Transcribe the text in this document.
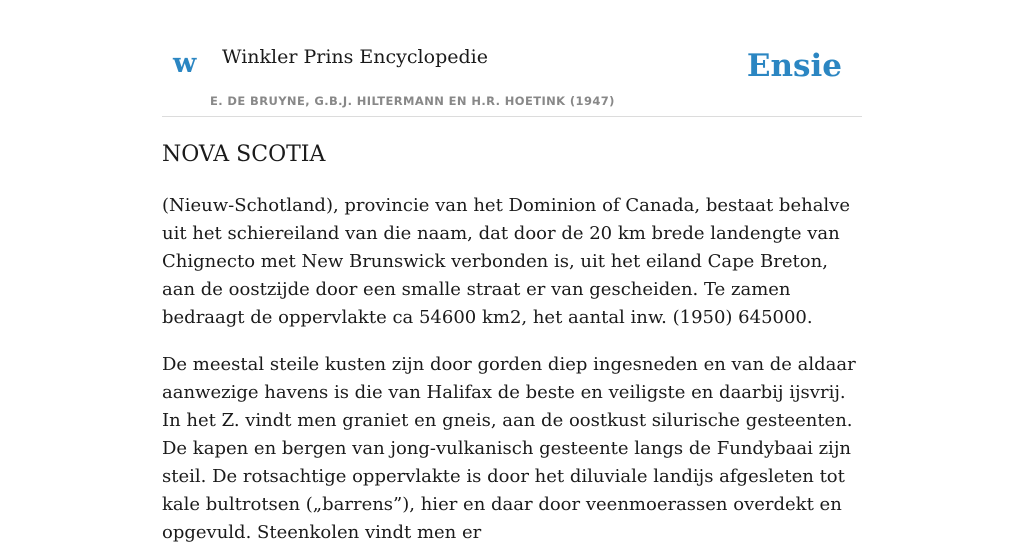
w Winkler Prins Encyclopedie
E. DE BRUYNE, G.B.J. HILTERMANN EN H.R. HOETINK (1947)
Ensie
NOVA SCOTIA

(Nieuw-Schotland), provincie van het Dominion of Canada, bestaat behalve uit het schiereiland van die naam, dat door de 20 km brede landengte van Chignecto met New Brunswick verbonden is, uit het eiland Cape Breton, aan de oostzijde door een smalle straat er van gescheiden. Te zamen bedraagt de oppervlakte ca 54600 km2, het aantal inw. (1950) 645000.

De meestal steile kusten zijn door gorden diep ingesneden en van de aldaar aanwezige havens is die van Halifax de beste en veiligste en daarbij ijsvrij. In het Z. vindt men graniet en gneis, aan de oostkust silurische gesteenten. De kapen en bergen van jong-vulkanisch gesteente langs de Fundybaai zijn steil. De rotsachtige oppervlakte is door het diluviale landijs afgesleten tot kale bultrotsen („barrens”), hier en daar door veenmoerassen overdekt en opgevuld. Steenkolen vindt men er
